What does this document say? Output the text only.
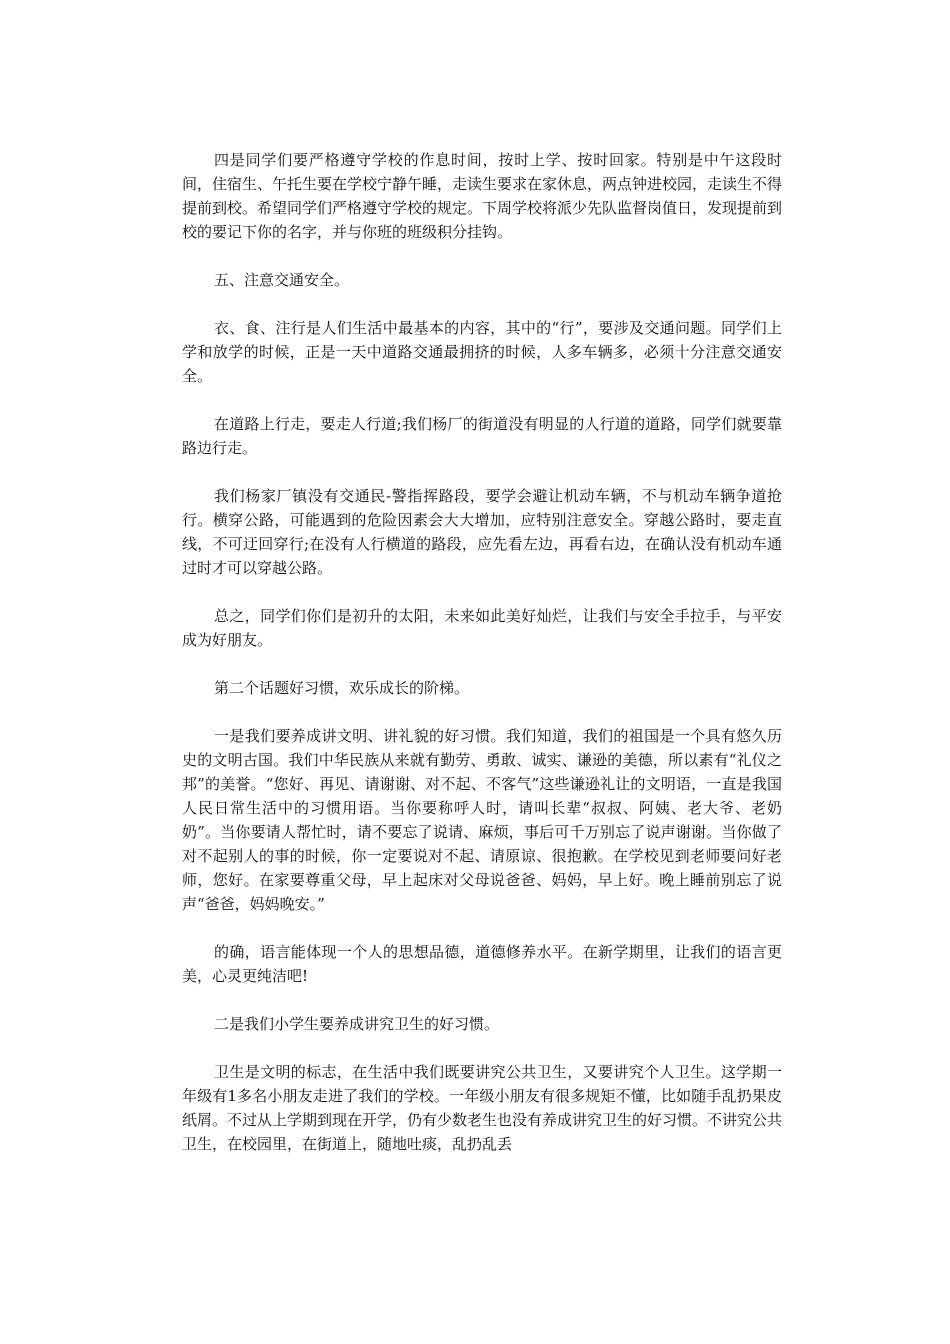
四是同学们要严格遵守学校的作息时间，按时上学、按时回家。特别是中午这段时间，住宿生、午托生要在学校宁静午睡，走读生要求在家休息，两点钟进校园，走读生不得提前到校。希望同学们严格遵守学校的规定。下周学校将派少先队监督岗值日，发现提前到校的要记下你的名字，并与你班的班级积分挂钩。

五、注意交通安全。

衣、食、注行是人们生活中最基本的内容，其中的“行”，要涉及交通问题。同学们上学和放学的时候，正是一天中道路交通最拥挤的时候，人多车辆多，必须十分注意交通安全。

在道路上行走，要走人行道;我们杨厂的街道没有明显的人行道的道路，同学们就要靠路边行走。

我们杨家厂镇没有交通民-警指挥路段，要学会避让机动车辆，不与机动车辆争道抢行。横穿公路，可能遇到的危险因素会大大增加，应特别注意安全。穿越公路时，要走直线，不可迂回穿行;在没有人行横道的路段，应先看左边，再看右边，在确认没有机动车通过时才可以穿越公路。

总之，同学们你们是初升的太阳，未来如此美好灿烂，让我们与安全手拉手，与平安成为好朋友。

第二个话题好习惯，欢乐成长的阶梯。

一是我们要养成讲文明、讲礼貌的好习惯。我们知道，我们的祖国是一个具有悠久历史的文明古国。我们中华民族从来就有勤劳、勇敢、诚实、谦逊的美德，所以素有“礼仪之邦”的美誉。“您好、再见、请谢谢、对不起、不客气”这些谦逊礼让的文明语，一直是我国人民日常生活中的习惯用语。当你要称呼人时，请叫长辈“叔叔、阿姨、老大爷、老奶奶”。当你要请人帮忙时，请不要忘了说请、麻烦，事后可千万别忘了说声谢谢。当你做了对不起别人的事的时候，你一定要说对不起、请原谅、很抱歉。在学校见到老师要问好老师，您好。在家要尊重父母，早上起床对父母说爸爸、妈妈，早上好。晚上睡前别忘了说声“爸爸，妈妈晚安。”

的确，语言能体现一个人的思想品德，道德修养水平。在新学期里，让我们的语言更美，心灵更纯洁吧!

二是我们小学生要养成讲究卫生的好习惯。

卫生是文明的标志，在生活中我们既要讲究公共卫生，又要讲究个人卫生。这学期一年级有1多名小朋友走进了我们的学校。一年级小朋友有很多规矩不懂，比如随手乱扔果皮纸屑。不过从上学期到现在开学，仍有少数老生也没有养成讲究卫生的好习惯。不讲究公共卫生，在校园里，在街道上，随地吐痰，乱扔乱丢
